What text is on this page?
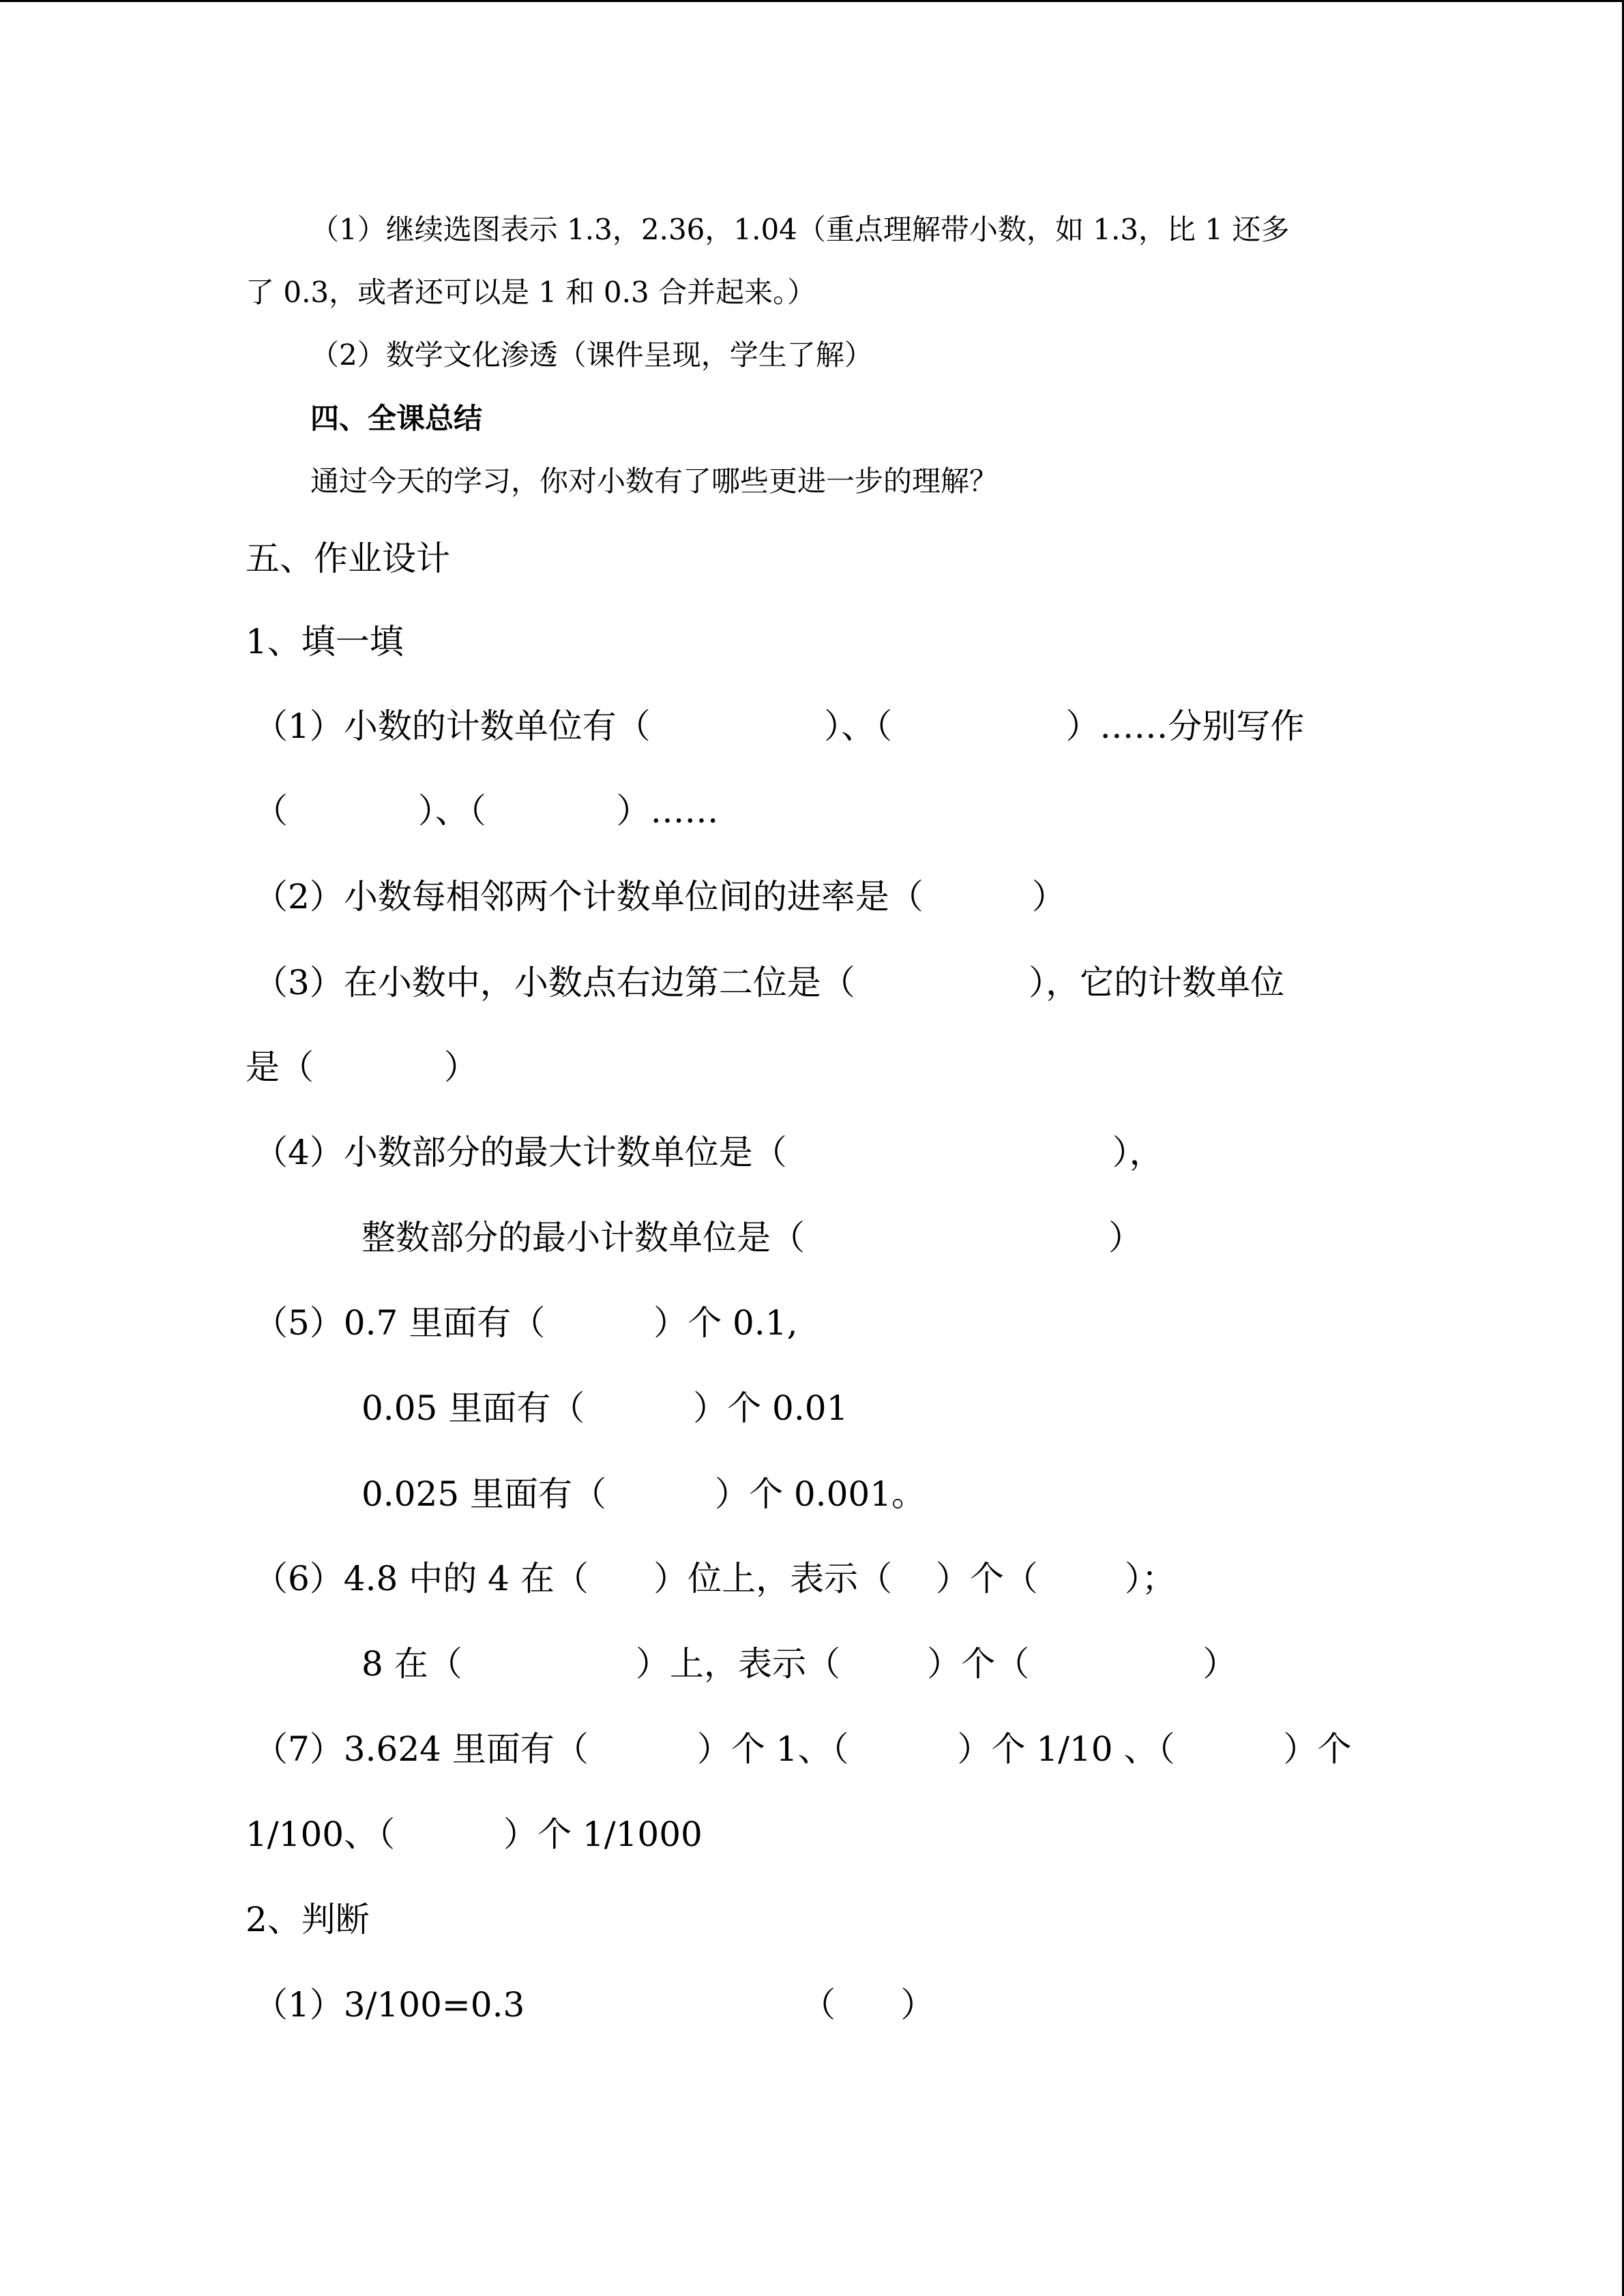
（1）继续选图表示 1.3，2.36，1.04（重点理解带小数，如 1.3，比 1 还多
了 0.3，或者还可以是 1 和 0.3 合并起来。）
（2）数学文化渗透（课件呈现，学生了解）
四、全课总结
通过今天的学习，你对小数有了哪些更进一步的理解？
五、作业设计
1、填一填
（1）小数的计数单位有（                ）、（                ）……分别写作
（            ）、（            ）……
（2）小数每相邻两个计数单位间的进率是（          ）
（3）在小数中，小数点右边第二位是（                ），它的计数单位
是（            ）
（4）小数部分的最大计数单位是（                              ），
整数部分的最小计数单位是（                            ）
（5）0.7 里面有（          ）个 0.1,
0.05 里面有（          ）个 0.01
0.025 里面有（          ）个 0.001。
（6）4.8 中的 4 在（      ）位上，表示（    ）个（        ）；
8 在（                ）上，表示（        ）个（                ）
（7）3.624 里面有（          ）个 1、（          ）个 1/10 、（          ）个
1/100、（          ）个 1/1000
2、判断
（1）3/100=0.3	（      ）
